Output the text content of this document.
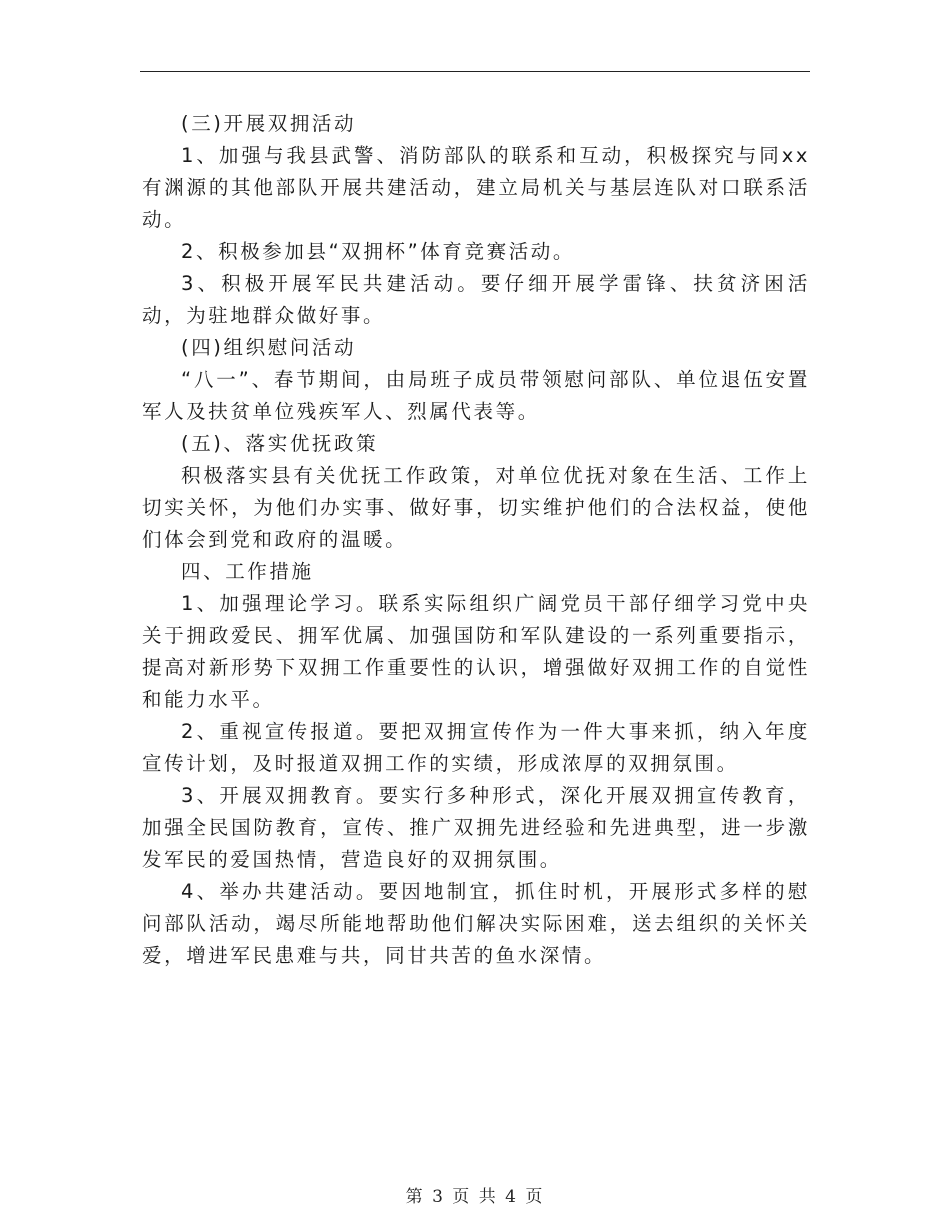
(三)开展双拥活动

1、加强与我县武警、消防部队的联系和互动，积极探究与同xx有渊源的其他部队开展共建活动，建立局机关与基层连队对口联系活动。

2、积极参加县“双拥杯”体育竞赛活动。

3、积极开展军民共建活动。要仔细开展学雷锋、扶贫济困活动，为驻地群众做好事。

(四)组织慰问活动

“八一”、春节期间，由局班子成员带领慰问部队、单位退伍安置军人及扶贫单位残疾军人、烈属代表等。

(五)、落实优抚政策

积极落实县有关优抚工作政策，对单位优抚对象在生活、工作上切实关怀，为他们办实事、做好事，切实维护他们的合法权益，使他们体会到党和政府的温暖。

四、工作措施

1、加强理论学习。联系实际组织广阔党员干部仔细学习党中央关于拥政爱民、拥军优属、加强国防和军队建设的一系列重要指示，提高对新形势下双拥工作重要性的认识，增强做好双拥工作的自觉性和能力水平。

2、重视宣传报道。要把双拥宣传作为一件大事来抓，纳入年度宣传计划，及时报道双拥工作的实绩，形成浓厚的双拥氛围。

3、开展双拥教育。要实行多种形式，深化开展双拥宣传教育，加强全民国防教育，宣传、推广双拥先进经验和先进典型，进一步激发军民的爱国热情，营造良好的双拥氛围。

4、举办共建活动。要因地制宜，抓住时机，开展形式多样的慰问部队活动，竭尽所能地帮助他们解决实际困难，送去组织的关怀关爱，增进军民患难与共，同甘共苦的鱼水深情。

第 3 页 共 4 页
